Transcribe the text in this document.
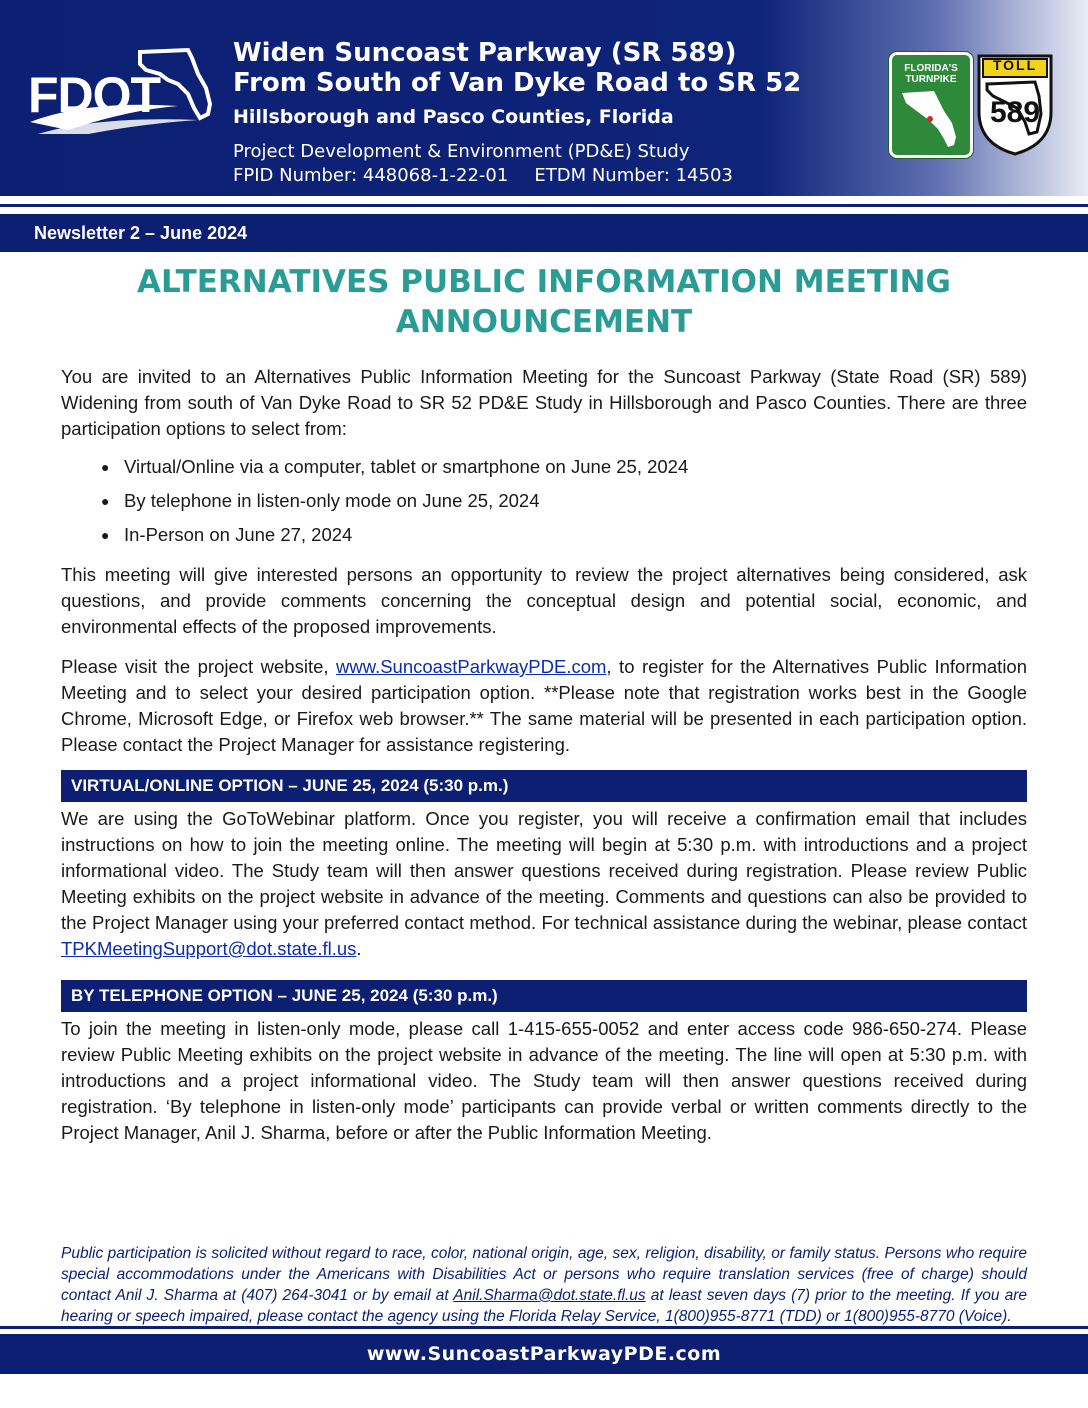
FDOT
Widen Suncoast Parkway (SR 589)
From South of Van Dyke Road to SR 52
Hillsborough and Pasco Counties, Florida
Project Development & Environment (PD&E) Study
FPID Number: 448068-1-22-01 ETDM Number: 14503
FLORIDA'S
TURNPIKE
TOLL
589
Newsletter 2 – June 2024
ALTERNATIVES PUBLIC INFORMATION MEETING ANNOUNCEMENT

You are invited to an Alternatives Public Information Meeting for the Suncoast Parkway (State Road (SR) 589) Widening from south of Van Dyke Road to SR 52 PD&E Study in Hillsborough and Pasco Counties. There are three participation options to select from:

● Virtual/Online via a computer, tablet or smartphone on June 25, 2024
● By telephone in listen-only mode on June 25, 2024
● In-Person on June 27, 2024

This meeting will give interested persons an opportunity to review the project alternatives being considered, ask questions, and provide comments concerning the conceptual design and potential social, economic, and environmental effects of the proposed improvements.

Please visit the project website, www.SuncoastParkwayPDE.com, to register for the Alternatives Public Information Meeting and to select your desired participation option. **Please note that registration works best in the Google Chrome, Microsoft Edge, or Firefox web browser.** The same material will be presented in each participation option. Please contact the Project Manager for assistance registering.

VIRTUAL/ONLINE OPTION – JUNE 25, 2024 (5:30 p.m.)

We are using the GoToWebinar platform. Once you register, you will receive a confirmation email that includes instructions on how to join the meeting online. The meeting will begin at 5:30 p.m. with introductions and a project informational video. The Study team will then answer questions received during registration. Please review Public Meeting exhibits on the project website in advance of the meeting. Comments and questions can also be provided to the Project Manager using your preferred contact method. For technical assistance during the webinar, please contact TPKMeetingSupport@dot.state.fl.us.

BY TELEPHONE OPTION – JUNE 25, 2024 (5:30 p.m.)

To join the meeting in listen-only mode, please call 1-415-655-0052 and enter access code 986-650-274. Please review Public Meeting exhibits on the project website in advance of the meeting. The line will open at 5:30 p.m. with introductions and a project informational video. The Study team will then answer questions received during registration. ‘By telephone in listen-only mode’ participants can provide verbal or written comments directly to the Project Manager, Anil J. Sharma, before or after the Public Information Meeting.

Public participation is solicited without regard to race, color, national origin, age, sex, religion, disability, or family status. Persons who require special accommodations under the Americans with Disabilities Act or persons who require translation services (free of charge) should contact Anil J. Sharma at (407) 264-3041 or by email at Anil.Sharma@dot.state.fl.us at least seven days (7) prior to the meeting. If you are hearing or speech impaired, please contact the agency using the Florida Relay Service, 1(800)955-8771 (TDD) or 1(800)955-8770 (Voice).
www.SuncoastParkwayPDE.com
